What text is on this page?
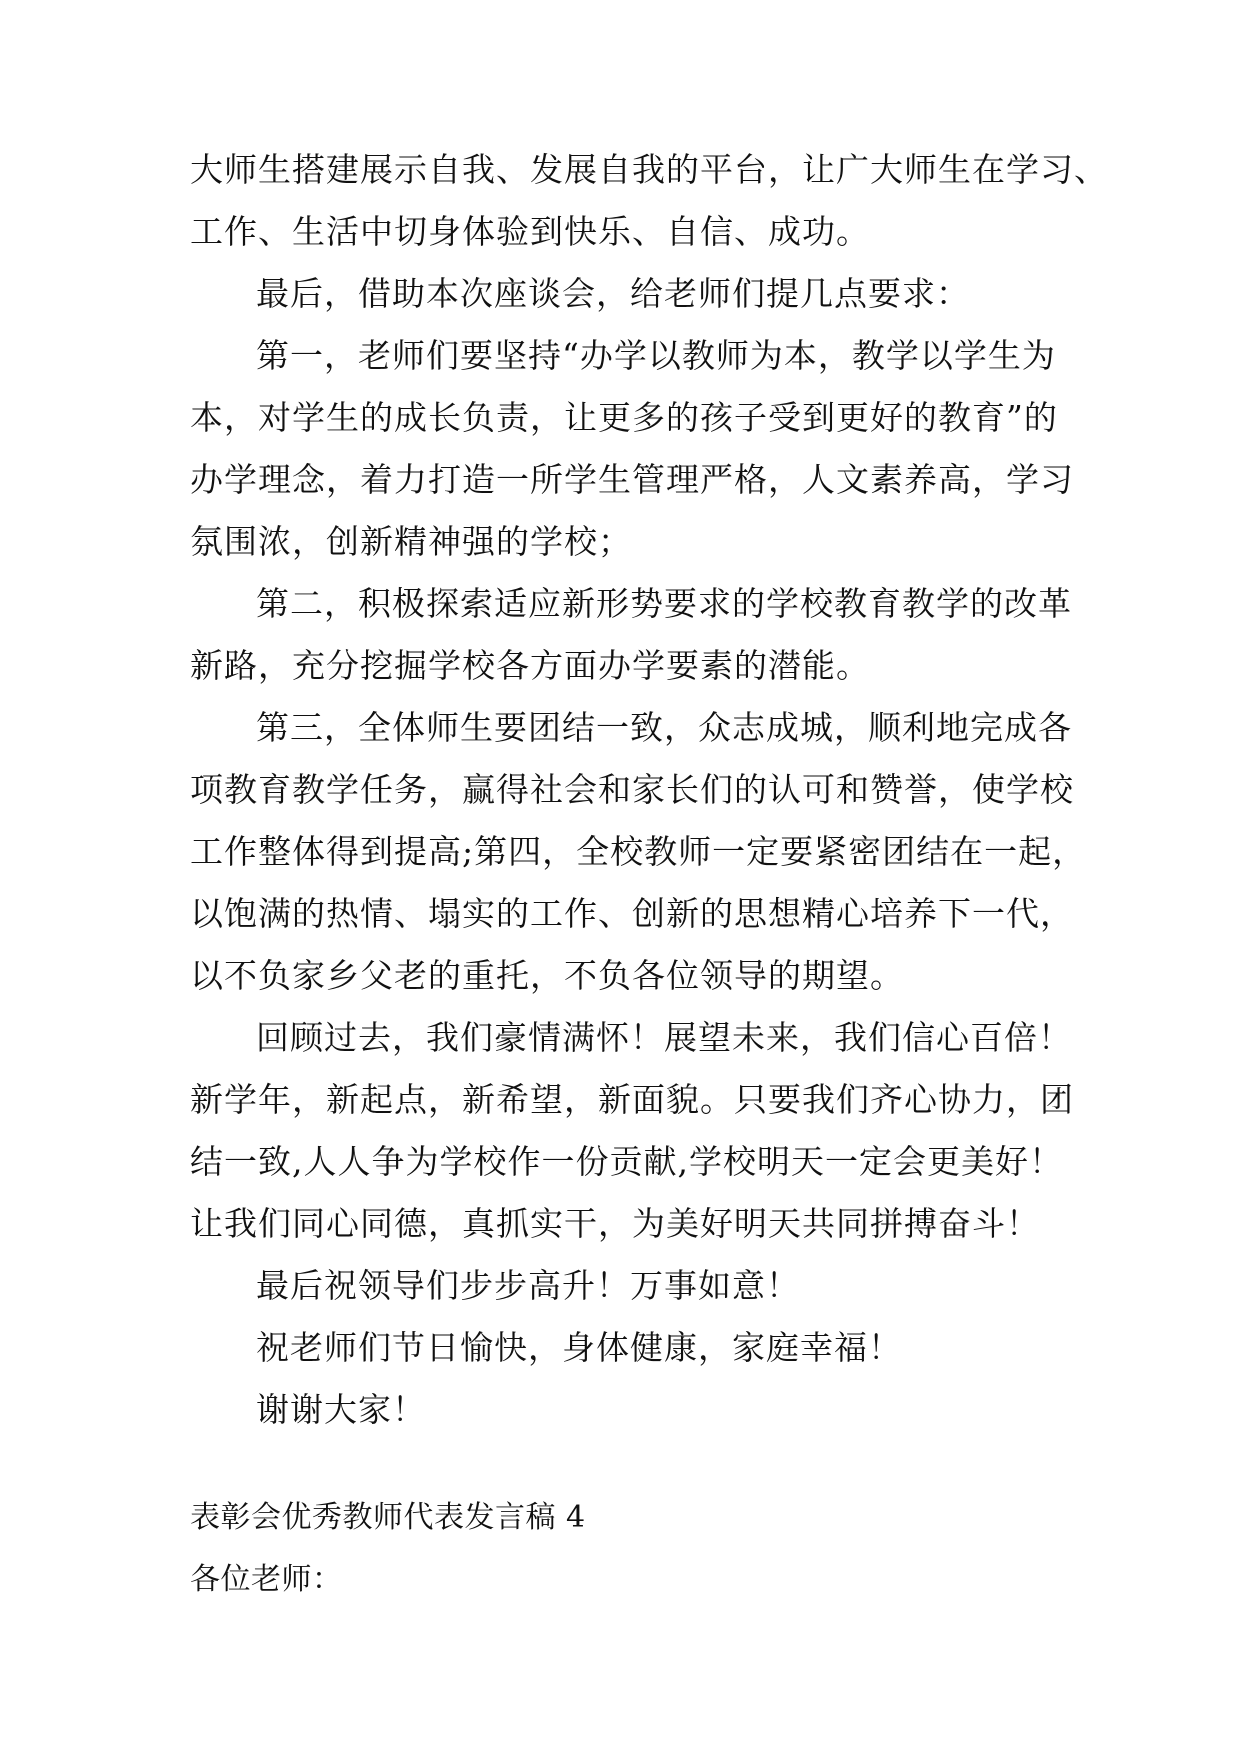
大师生搭建展示自我、发展自我的平台，让广大师生在学习、
工作、生活中切身体验到快乐、自信、成功。
最后，借助本次座谈会，给老师们提几点要求：
第一，老师们要坚持“办学以教师为本，教学以学生为
本，对学生的成长负责，让更多的孩子受到更好的教育”的
办学理念，着力打造一所学生管理严格，人文素养高，学习
氛围浓，创新精神强的学校；
第二，积极探索适应新形势要求的学校教育教学的改革
新路，充分挖掘学校各方面办学要素的潜能。
第三，全体师生要团结一致，众志成城，顺利地完成各
项教育教学任务，赢得社会和家长们的认可和赞誉，使学校
工作整体得到提高;第四，全校教师一定要紧密团结在一起，
以饱满的热情、塌实的工作、创新的思想精心培养下一代，
以不负家乡父老的重托，不负各位领导的期望。
回顾过去，我们豪情满怀！展望未来，我们信心百倍！
新学年，新起点，新希望，新面貌。只要我们齐心协力，团
结一致,人人争为学校作一份贡献,学校明天一定会更美好！
让我们同心同德，真抓实干，为美好明天共同拼搏奋斗！
最后祝领导们步步高升！万事如意！
祝老师们节日愉快，身体健康，家庭幸福！
谢谢大家！
表彰会优秀教师代表发言稿 4
各位老师：
